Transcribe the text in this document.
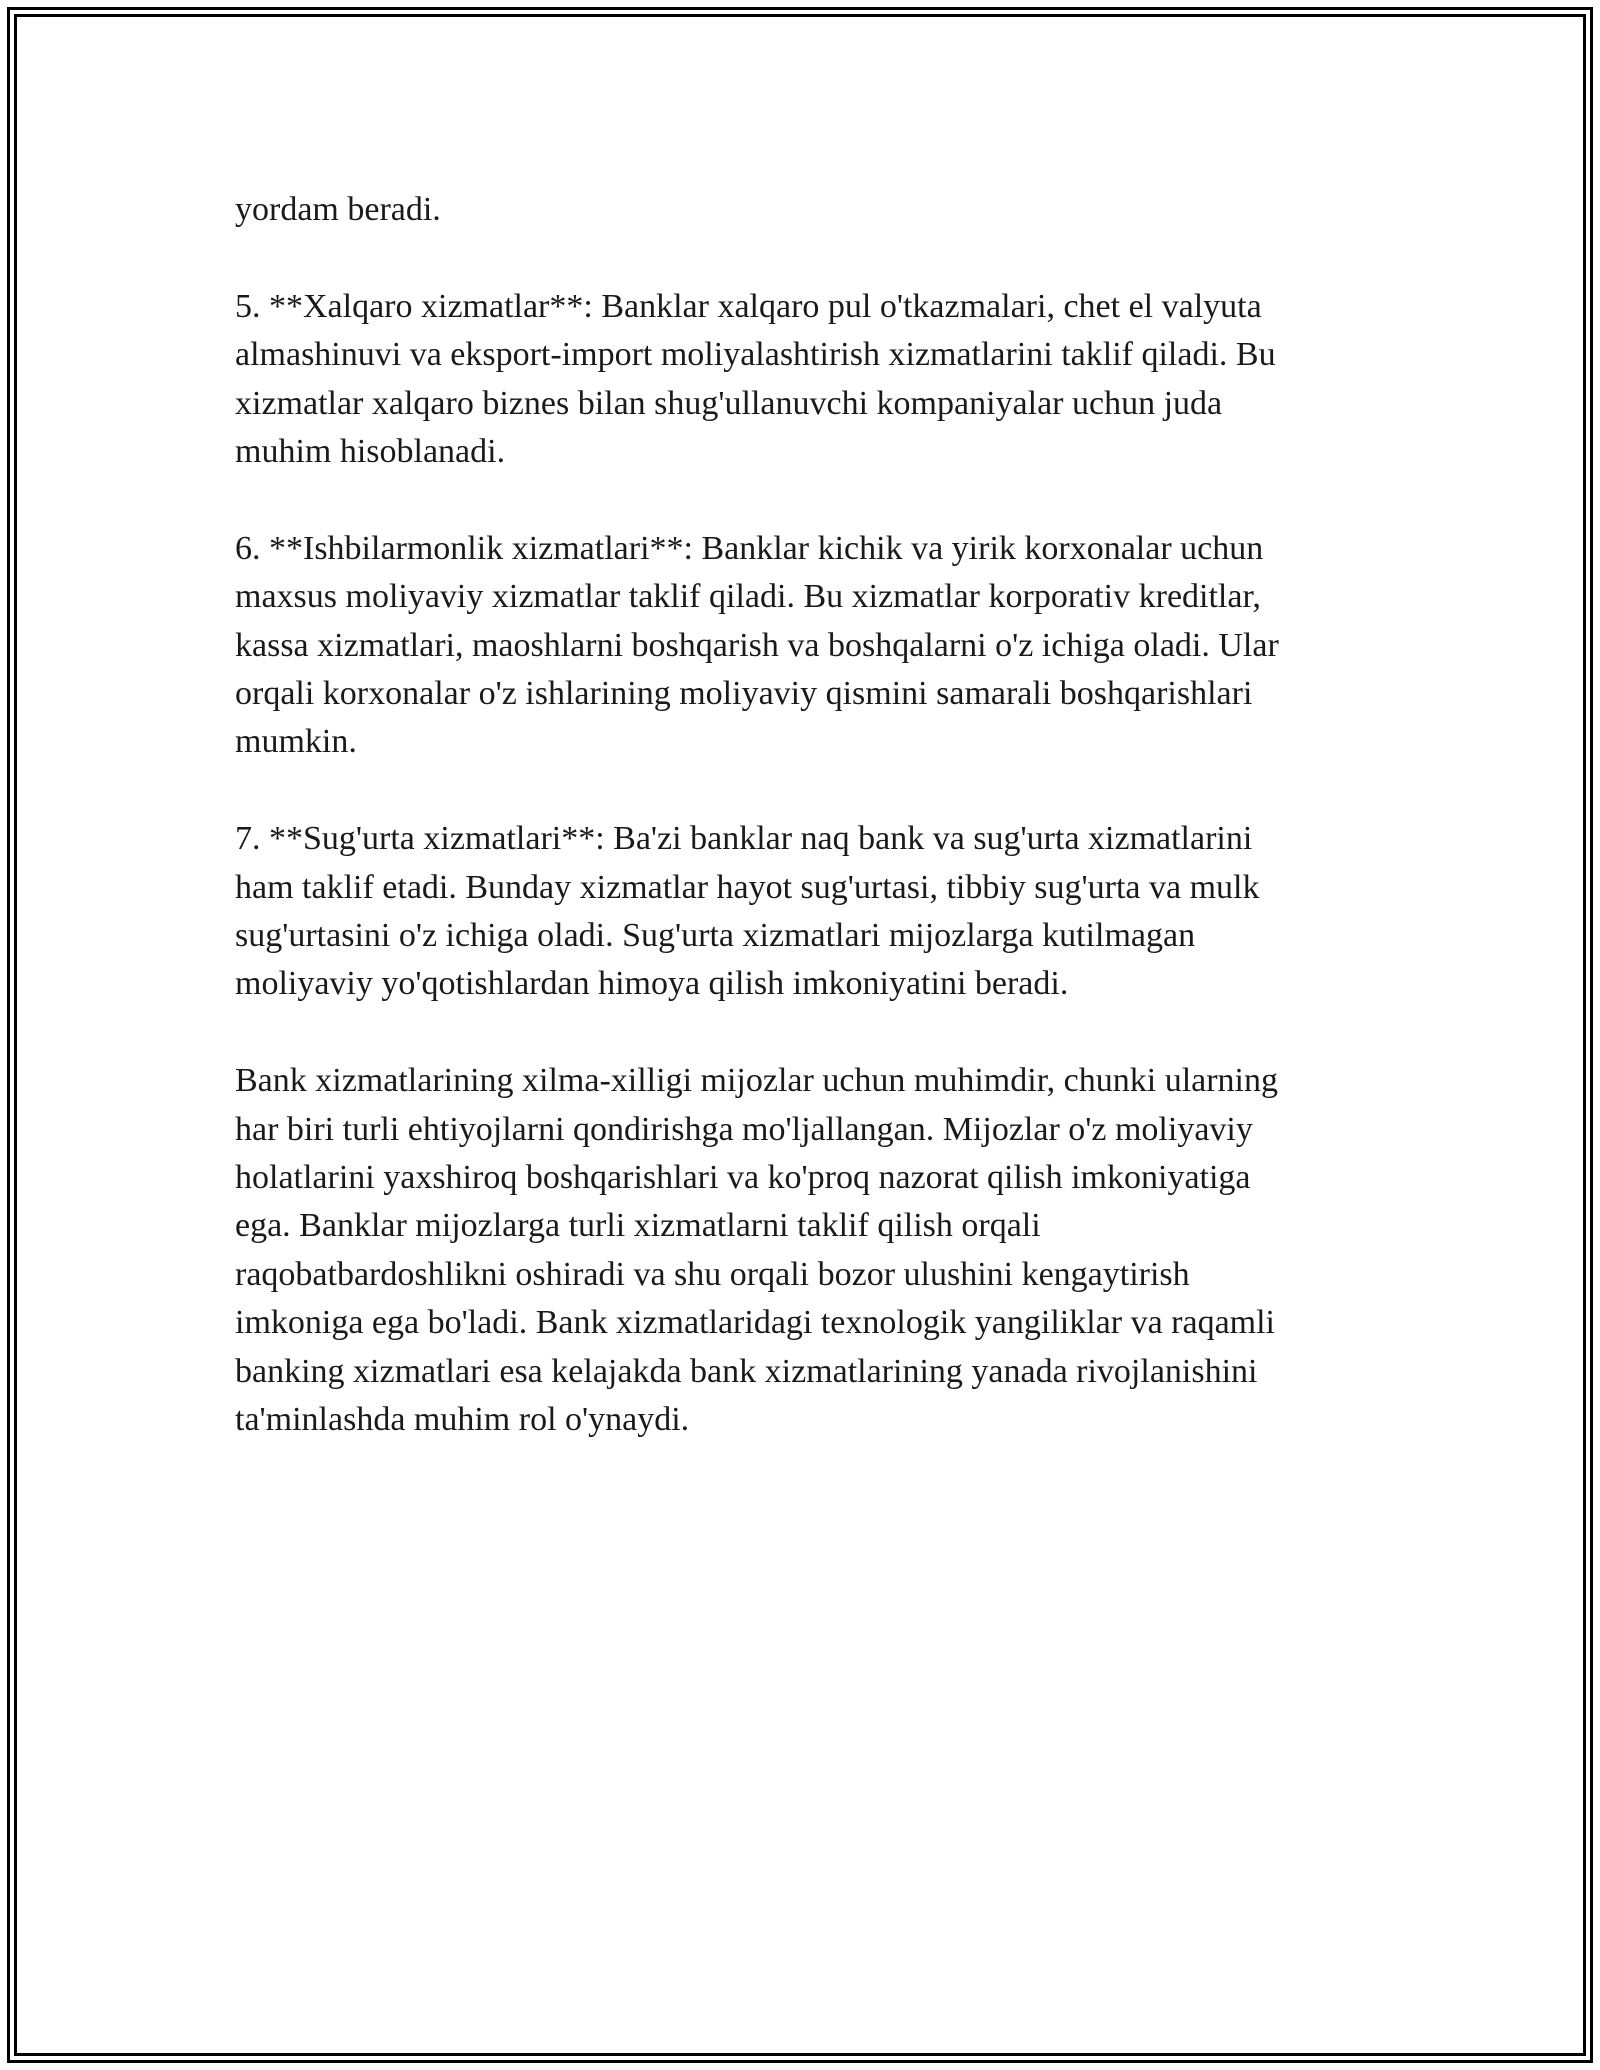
yordam beradi.

5. **Xalqaro xizmatlar**: Banklar xalqaro pul o'tkazmalari, chet el valyuta
almashinuvi va eksport-import moliyalashtirish xizmatlarini taklif qiladi. Bu
xizmatlar xalqaro biznes bilan shug'ullanuvchi kompaniyalar uchun juda
muhim hisoblanadi.

6. **Ishbilarmonlik xizmatlari**: Banklar kichik va yirik korxonalar uchun
maxsus moliyaviy xizmatlar taklif qiladi. Bu xizmatlar korporativ kreditlar,
kassa xizmatlari, maoshlarni boshqarish va boshqalarni o'z ichiga oladi. Ular
orqali korxonalar o'z ishlarining moliyaviy qismini samarali boshqarishlari
mumkin.

7. **Sug'urta xizmatlari**: Ba'zi banklar naq bank va sug'urta xizmatlarini
ham taklif etadi. Bunday xizmatlar hayot sug'urtasi, tibbiy sug'urta va mulk
sug'urtasini o'z ichiga oladi. Sug'urta xizmatlari mijozlarga kutilmagan
moliyaviy yo'qotishlardan himoya qilish imkoniyatini beradi.

Bank xizmatlarining xilma-xilligi mijozlar uchun muhimdir, chunki ularning
har biri turli ehtiyojlarni qondirishga mo'ljallangan. Mijozlar o'z moliyaviy
holatlarini yaxshiroq boshqarishlari va ko'proq nazorat qilish imkoniyatiga
ega. Banklar mijozlarga turli xizmatlarni taklif qilish orqali
raqobatbardoshlikni oshiradi va shu orqali bozor ulushini kengaytirish
imkoniga ega bo'ladi. Bank xizmatlaridagi texnologik yangiliklar va raqamli
banking xizmatlari esa kelajakda bank xizmatlarining yanada rivojlanishini
ta'minlashda muhim rol o'ynaydi.
